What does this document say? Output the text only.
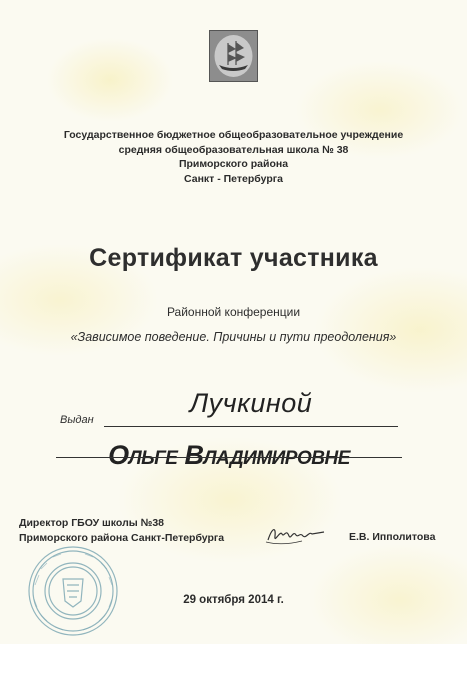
Государственное бюджетное общеобразовательное учреждение
средняя общеобразовательная школа № 38
Приморского района
Санкт - Петербурга
Сертификат участника
Районной конференции
«Зависимое поведение. Причины и пути преодоления»
Выдан
Лучкиной
Ольге Владимировне
Директор ГБОУ школы №38
Приморского района Санкт-Петербурга	Е.В. Ипполитова
29 октября 2014 г.
